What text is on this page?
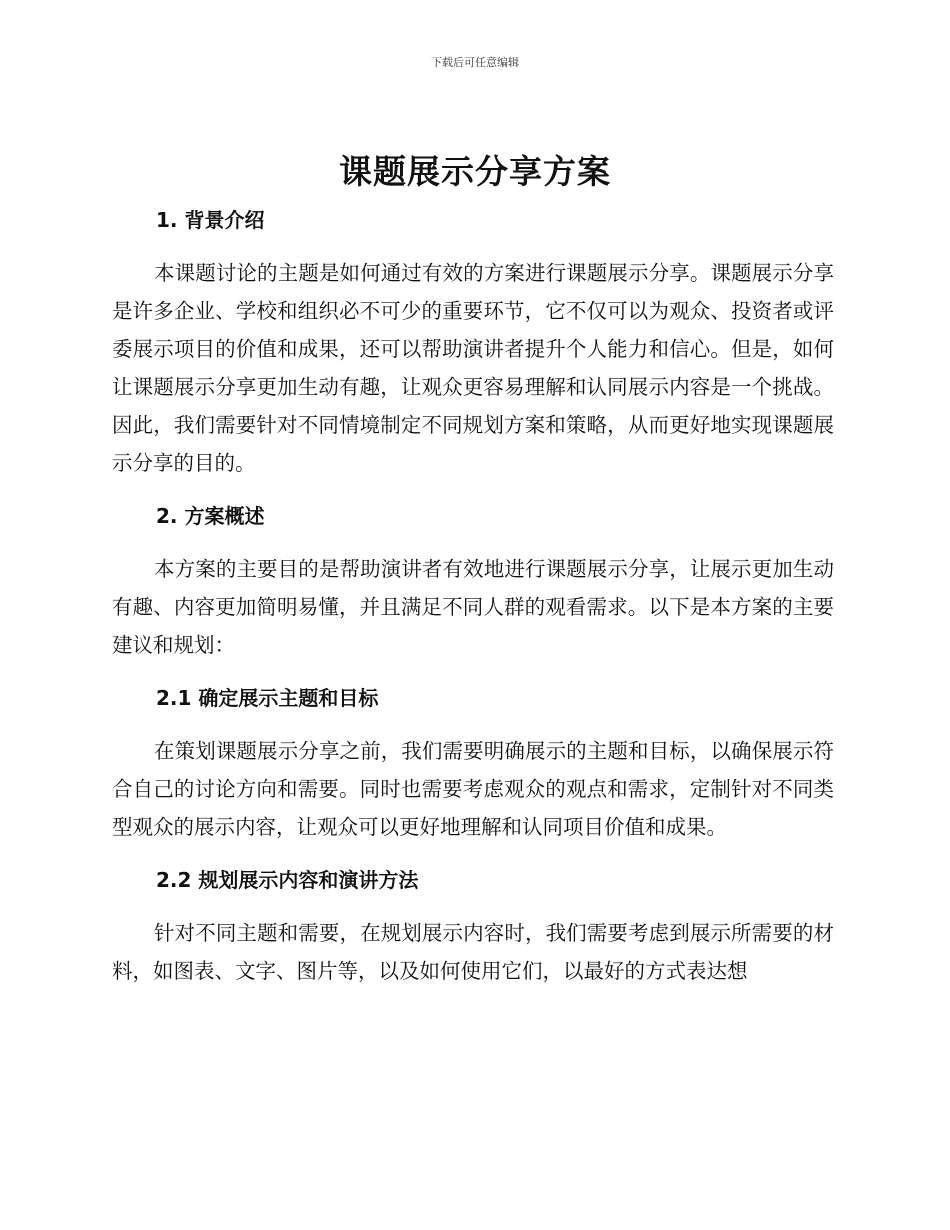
下载后可任意编辑
课题展示分享方案
1. 背景介绍

本课题讨论的主题是如何通过有效的方案进行课题展示分享。课题展示分享是许多企业、学校和组织必不可少的重要环节，它不仅可以为观众、投资者或评委展示项目的价值和成果，还可以帮助演讲者提升个人能力和信心。但是，如何让课题展示分享更加生动有趣，让观众更容易理解和认同展示内容是一个挑战。因此，我们需要针对不同情境制定不同规划方案和策略，从而更好地实现课题展示分享的目的。

2. 方案概述

本方案的主要目的是帮助演讲者有效地进行课题展示分享，让展示更加生动有趣、内容更加简明易懂，并且满足不同人群的观看需求。以下是本方案的主要建议和规划：

2.1 确定展示主题和目标

在策划课题展示分享之前，我们需要明确展示的主题和目标，以确保展示符合自己的讨论方向和需要。同时也需要考虑观众的观点和需求，定制针对不同类型观众的展示内容，让观众可以更好地理解和认同项目价值和成果。

2.2 规划展示内容和演讲方法

针对不同主题和需要，在规划展示内容时，我们需要考虑到展示所需要的材料，如图表、文字、图片等，以及如何使用它们，以最好的方式表达想
